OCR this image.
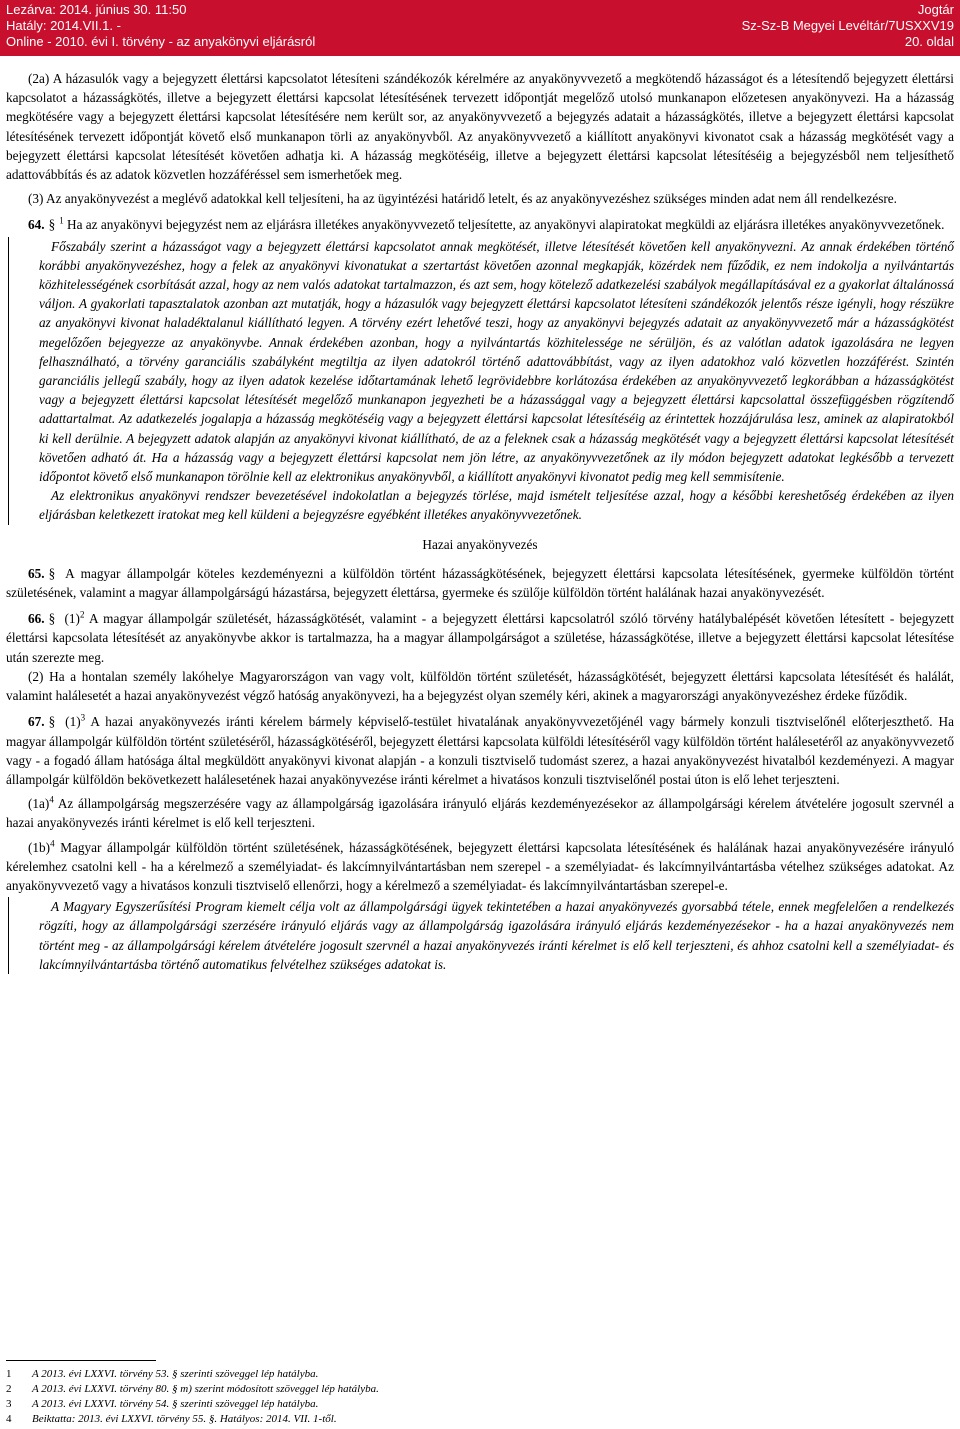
Lezárva: 2014. június 30. 11:50
Hatály: 2014.VII.1. -
Online - 2010. évi I. törvény - az anyakönyvi eljárásról
Jogtár
Sz-Sz-B Megyei Levéltár/7USXXV19
20. oldal

(2a) A házasulók vagy a bejegyzett élettársi kapcsolatot létesíteni szándékozók kérelmére az anyakönyvvezető a megkötendő házasságot és a létesítendő bejegyzett élettársi kapcsolatot a házasságkötés, illetve a bejegyzett élettársi kapcsolat létesítésének tervezett időpontját megelőző utolsó munkanapon előzetesen anyakönyvezi. Ha a házasság megkötésére vagy a bejegyzett élettársi kapcsolat létesítésére nem került sor, az anyakönyvvezető a bejegyzés adatait a házasságkötés, illetve a bejegyzett élettársi kapcsolat létesítésének tervezett időpontját követő első munkanapon törli az anyakönyvből. Az anyakönyvvezető a kiállított anyakönyvi kivonatot csak a házasság megkötését vagy a bejegyzett élettársi kapcsolat létesítését követően adhatja ki. A házasság megkötéséig, illetve a bejegyzett élettársi kapcsolat létesítéséig a bejegyzésből nem teljesíthető adattovábbítás és az adatok közvetlen hozzáféréssel sem ismerhetőek meg.

(3) Az anyakönyvezést a meglévő adatokkal kell teljesíteni, ha az ügyintézési határidő letelt, és az anyakönyvezéshez szükséges minden adat nem áll rendelkezésre.

64. § $^1$ Ha az anyakönyvi bejegyzést nem az eljárásra illetékes anyakönyvvezető teljesítette, az anyakönyvi alapiratokat megküldi az eljárásra illetékes anyakönyvvezetőnek.

Főszabály szerint a házasságot vagy a bejegyzett élettársi kapcsolatot annak megkötését, illetve létesítését követően kell anyakönyvezni. Az annak érdekében történő korábbi anyakönyvezéshez, hogy a felek az anyakönyvi kivonatukat a szertartást követően azonnal megkapják, közérdek nem fűződik, ez nem indokolja a nyilvántartás közhitelességének csorbítását azzal, hogy az nem valós adatokat tartalmazzon, és azt sem, hogy kötelező adatkezelési szabályok megállapításával ez a gyakorlat általánossá váljon. A gyakorlati tapasztalatok azonban azt mutatják, hogy a házasulók vagy bejegyzett élettársi kapcsolatot létesíteni szándékozók jelentős része igényli, hogy részükre az anyakönyvi kivonat haladéktalanul kiállítható legyen. A törvény ezért lehetővé teszi, hogy az anyakönyvi bejegyzés adatait az anyakönyvvezető már a házasságkötést megelőzően bejegyezze az anyakönyvbe. Annak érdekében azonban, hogy a nyilvántartás közhitelessége ne sérüljön, és az valótlan adatok igazolására ne legyen felhasználható, a törvény garanciális szabályként megtiltja az ilyen adatokról történő adattovábbítást, vagy az ilyen adatokhoz való közvetlen hozzáférést. Szintén garanciális jellegű szabály, hogy az ilyen adatok kezelése időtartamának lehető legrövidebbre korlátozása érdekében az anyakönyvvezető legkorábban a házasságkötést vagy a bejegyzett élettársi kapcsolat létesítését megelőző munkanapon jegyezheti be a házassággal vagy a bejegyzett élettársi kapcsolattal összefüggésben rögzítendő adattartalmat. Az adatkezelés jogalapja a házasság megkötéséig vagy a bejegyzett élettársi kapcsolat létesítéséig az érintettek hozzájárulása lesz, aminek az alapiratokból ki kell derülnie. A bejegyzett adatok alapján az anyakönyvi kivonat kiállítható, de az a feleknek csak a házasság megkötését vagy a bejegyzett élettársi kapcsolat létesítését követően adható át. Ha a házasság vagy a bejegyzett élettársi kapcsolat nem jön létre, az anyakönyvvezetőnek az ily módon bejegyzett adatokat legkésőbb a tervezett időpontot követő első munkanapon törölnie kell az elektronikus anyakönyvből, a kiállított anyakönyvi kivonatot pedig meg kell semmisítenie.

Az elektronikus anyakönyvi rendszer bevezetésével indokolatlan a bejegyzés törlése, majd ismételt teljesítése azzal, hogy a későbbi kereshetőség érdekében az ilyen eljárásban keletkezett iratokat meg kell küldeni a bejegyzésre egyébként illetékes anyakönyvvezetőnek.

Hazai anyakönyvezés

65. § A magyar állampolgár köteles kezdeményezni a külföldön történt házasságkötésének, bejegyzett élettársi kapcsolata létesítésének, gyermeke külföldön történt születésének, valamint a magyar állampolgárságú házastársa, bejegyzett élettársa, gyermeke és szülője külföldön történt halálának hazai anyakönyvezését.

66. § $(1)^2$ A magyar állampolgár születését, házasságkötését, valamint - a bejegyzett élettársi kapcsolatról szóló törvény hatálybalépését követően létesített - bejegyzett élettársi kapcsolata létesítését az anyakönyvbe akkor is tartalmazza, ha a magyar állampolgárságot a születése, házasságkötése, illetve a bejegyzett élettársi kapcsolat létesítése után szerezte meg.

(2) Ha a hontalan személy lakóhelye Magyarországon van vagy volt, külföldön történt születését, házasságkötését, bejegyzett élettársi kapcsolata létesítését és halálát, valamint halálesetét a hazai anyakönyvezést végző hatóság anyakönyvezi, ha a bejegyzést olyan személy kéri, akinek a magyarországi anyakönyvezéshez érdeke fűződik.

67. § $(1)^3$ A hazai anyakönyvezés iránti kérelem bármely képviselő-testület hivatalának anyakönyvvezetőjénél vagy bármely konzuli tisztviselőnél előterjeszthető. Ha magyar állampolgár külföldön történt születéséről, házasságkötéséről, bejegyzett élettársi kapcsolata külföldi létesítéséről vagy külföldön történt halálesetéről az anyakönyvvezető vagy - a fogadó állam hatósága által megküldött anyakönyvi kivonat alapján - a konzuli tisztviselő tudomást szerez, a hazai anyakönyvezést hivatalból kezdeményezi. A magyar állampolgár külföldön bekövetkezett halálesetének hazai anyakönyvezése iránti kérelmet a hivatásos konzuli tisztviselőnél postai úton is elő lehet terjeszteni.

$(1a)^4$ Az állampolgárság megszerzésére vagy az állampolgárság igazolására irányuló eljárás kezdeményezésekor az állampolgársági kérelem átvételére jogosult szervnél a hazai anyakönyvezés iránti kérelmet is elő kell terjeszteni.

$(1b)^4$ Magyar állampolgár külföldön történt születésének, házasságkötésének, bejegyzett élettársi kapcsolata létesítésének és halálának hazai anyakönyvezésére irányuló kérelemhez csatolni kell - ha a kérelmező a személyiadat- és lakcímnyilvántartásban nem szerepel - a személyiadat- és lakcímnyilvántartásba vételhez szükséges adatokat. Az anyakönyvvezető vagy a hivatásos konzuli tisztviselő ellenőrzi, hogy a kérelmező a személyiadat- és lakcímnyilvántartásban szerepel-e.

A Magyary Egyszerűsítési Program kiemelt célja volt az állampolgársági ügyek tekintetében a hazai anyakönyvezés gyorsabbá tétele, ennek megfelelően a rendelkezés rögzíti, hogy az állampolgársági szerzésére irányuló eljárás vagy az állampolgárság igazolására irányuló eljárás kezdeményezésekor - ha a hazai anyakönyvezés nem történt meg - az állampolgársági kérelem átvételére jogosult szervnél a hazai anyakönyvezés iránti kérelmet is elő kell terjeszteni, és ahhoz csatolni kell a személyiadat- és lakcímnyilvántartásba történő automatikus felvételhez szükséges adatokat is.

1	A 2013. évi LXXVI. törvény 53. § szerinti szöveggel lép hatályba.
2	A 2013. évi LXXVI. törvény 80. § m) szerint módosított szöveggel lép hatályba.
3	A 2013. évi LXXVI. törvény 54. § szerinti szöveggel lép hatályba.
4	Beiktatta: 2013. évi LXXVI. törvény 55. §. Hatályos: 2014. VII. 1-től.
